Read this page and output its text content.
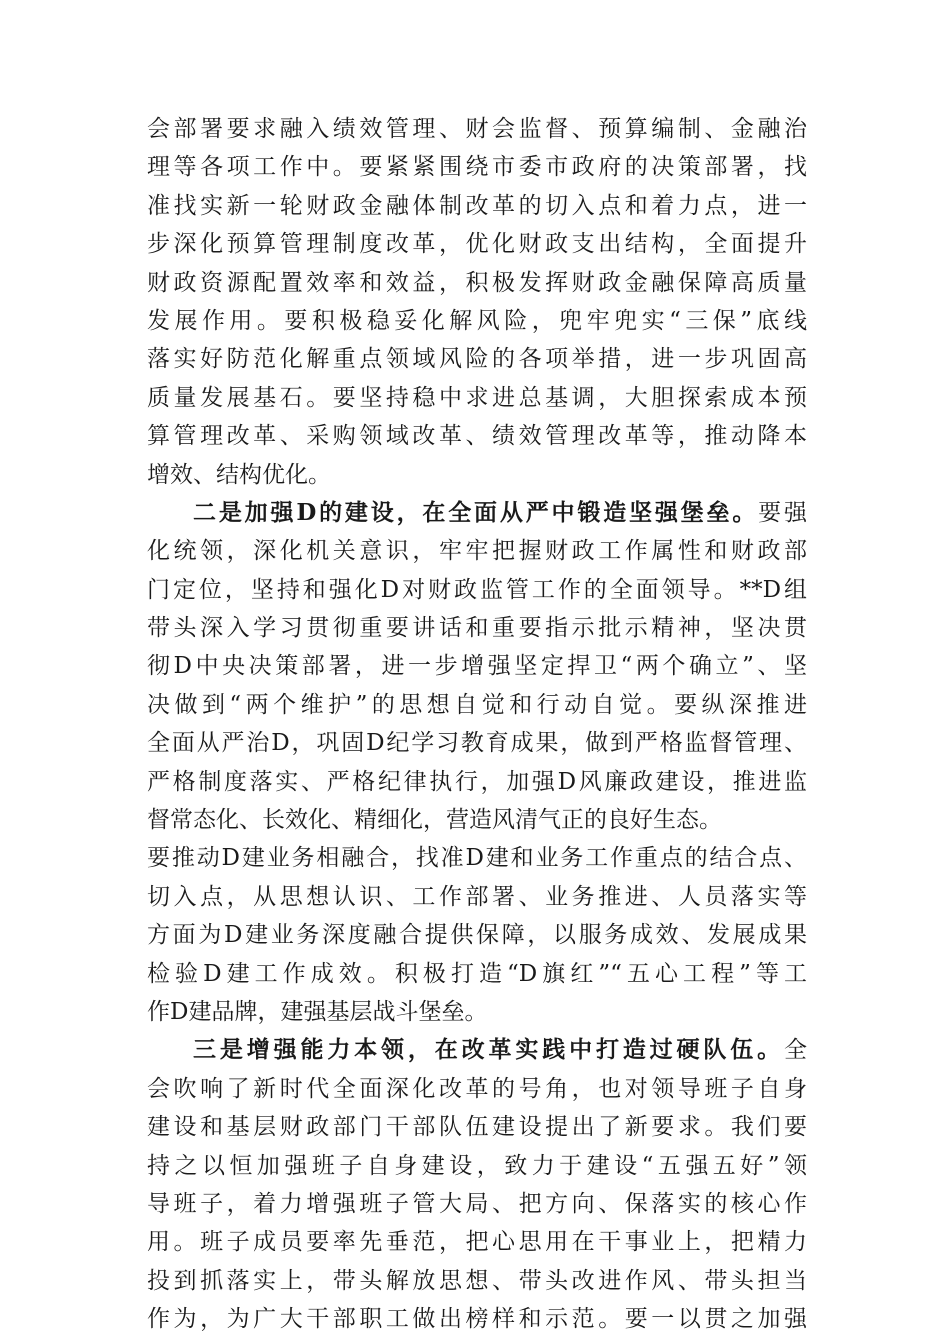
会部署要求融入绩效管理、财会监督、预算编制、金融治
理等各项工作中。要紧紧围绕市委市政府的决策部署，找
准找实新一轮财政金融体制改革的切入点和着力点，进一
步深化预算管理制度改革，优化财政支出结构，全面提升
财政资源配置效率和效益，积极发挥财政金融保障高质量
发展作用。要积极稳妥化解风险，兜牢兜实“三保”底线
落实好防范化解重点领域风险的各项举措，进一步巩固高
质量发展基石。要坚持稳中求进总基调，大胆探索成本预
算管理改革、采购领域改革、绩效管理改革等，推动降本
增效、结构优化。
二是加强D的建设，在全面从严中锻造坚强堡垒。要强
化统领，深化机关意识，牢牢把握财政工作属性和财政部
门定位，坚持和强化D对财政监管工作的全面领导。**D组
带头深入学习贯彻重要讲话和重要指示批示精神，坚决贯
彻D中央决策部署，进一步增强坚定捍卫“两个确立”、坚
决做到“两个维护”的思想自觉和行动自觉。要纵深推进
全面从严治D，巩固D纪学习教育成果，做到严格监督管理、
严格制度落实、严格纪律执行，加强D风廉政建设，推进监
督常态化、长效化、精细化，营造风清气正的良好生态。
要推动D建业务相融合，找准D建和业务工作重点的结合点、
切入点，从思想认识、工作部署、业务推进、人员落实等
方面为D建业务深度融合提供保障，以服务成效、发展成果
检验D建工作成效。积极打造“D旗红”“五心工程”等工
作D建品牌，建强基层战斗堡垒。
三是增强能力本领，在改革实践中打造过硬队伍。全
会吹响了新时代全面深化改革的号角，也对领导班子自身
建设和基层财政部门干部队伍建设提出了新要求。我们要
持之以恒加强班子自身建设，致力于建设“五强五好”领
导班子，着力增强班子管大局、把方向、保落实的核心作
用。班子成员要率先垂范，把心思用在干事业上，把精力
投到抓落实上，带头解放思想、带头改进作风、带头担当
作为，为广大干部职工做出榜样和示范。要一以贯之加强
